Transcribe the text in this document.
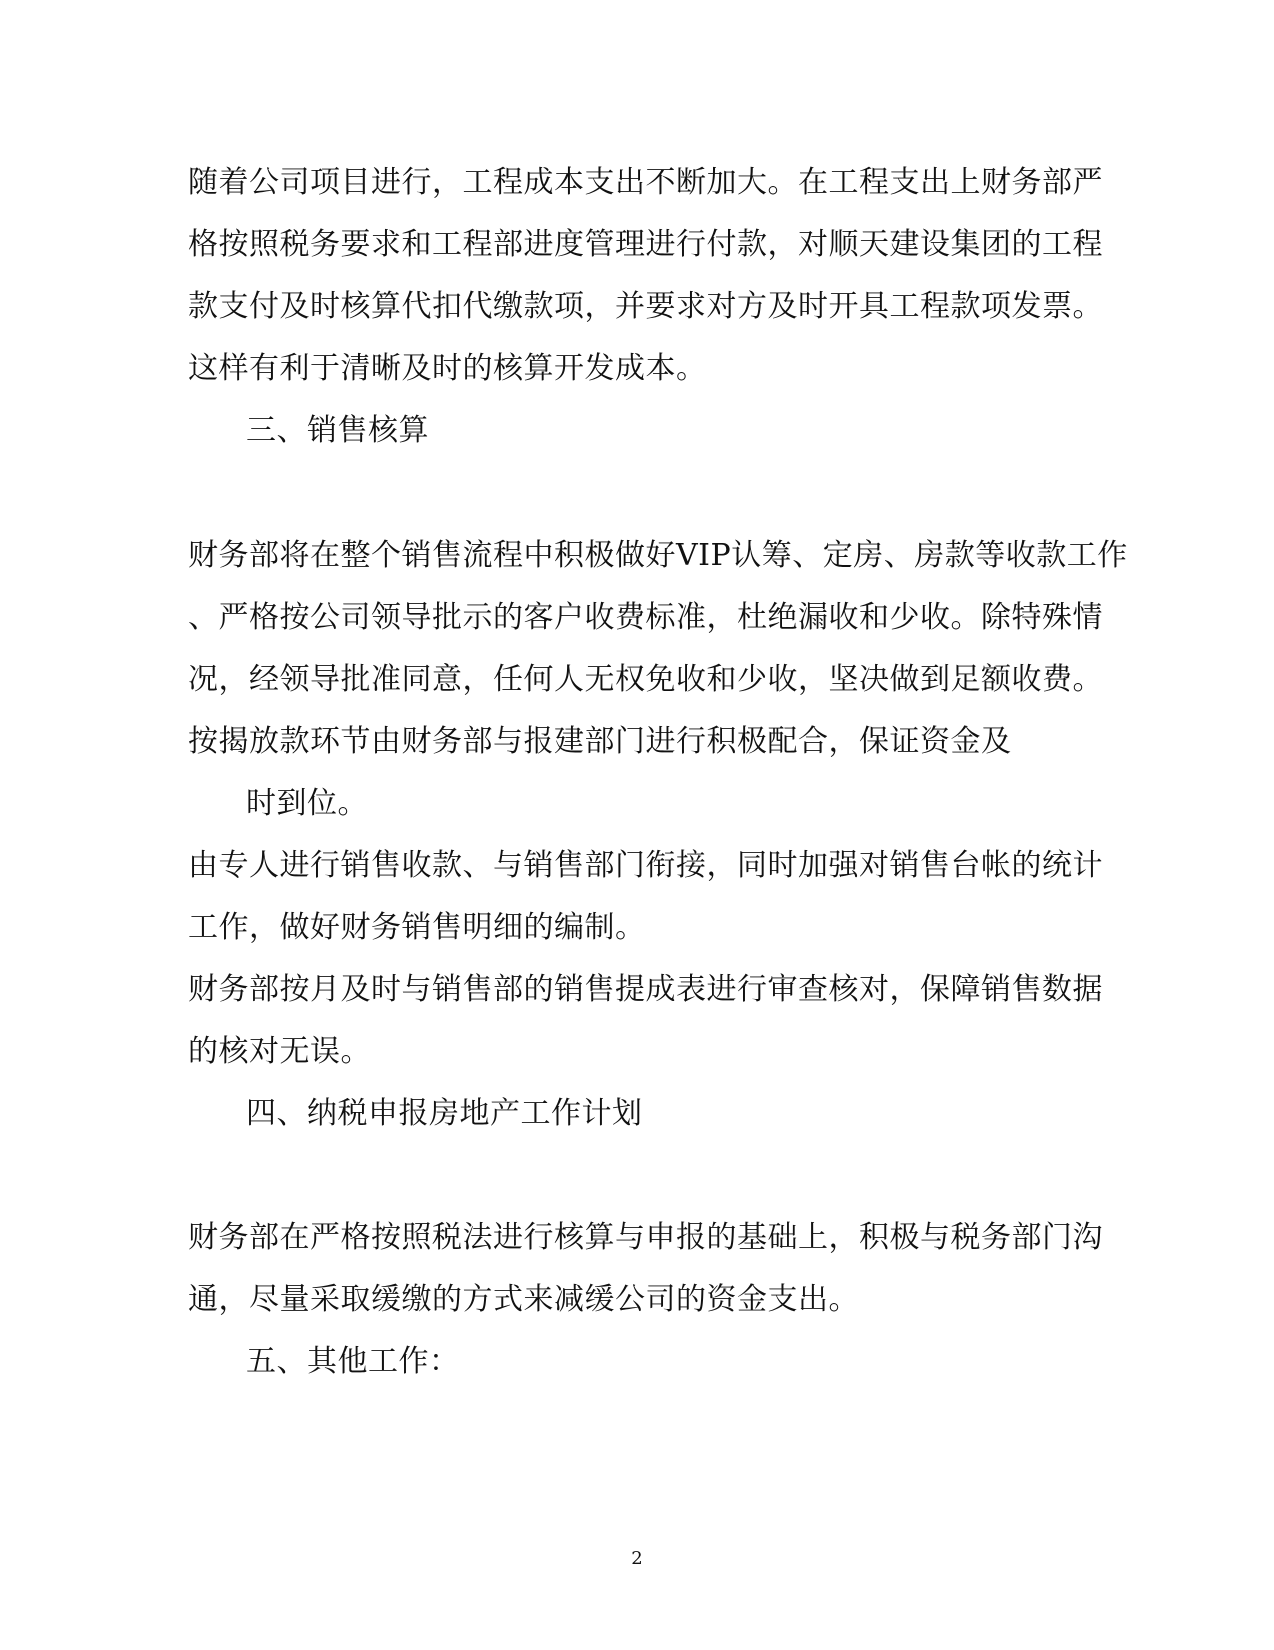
随着公司项目进行，工程成本支出不断加大。在工程支出上财务部严
格按照税务要求和工程部进度管理进行付款，对顺天建设集团的工程
款支付及时核算代扣代缴款项，并要求对方及时开具工程款项发票。
这样有利于清晰及时的核算开发成本。
三、销售核算
财务部将在整个销售流程中积极做好VIP认筹、定房、房款等收款工作
、严格按公司领导批示的客户收费标准，杜绝漏收和少收。除特殊情
况，经领导批准同意，任何人无权免收和少收，坚决做到足额收费。
按揭放款环节由财务部与报建部门进行积极配合，保证资金及
时到位。
由专人进行销售收款、与销售部门衔接，同时加强对销售台帐的统计
工作，做好财务销售明细的编制。
财务部按月及时与销售部的销售提成表进行审查核对，保障销售数据
的核对无误。
四、纳税申报房地产工作计划
财务部在严格按照税法进行核算与申报的基础上，积极与税务部门沟
通，尽量采取缓缴的方式来减缓公司的资金支出。
五、其他工作：
2
